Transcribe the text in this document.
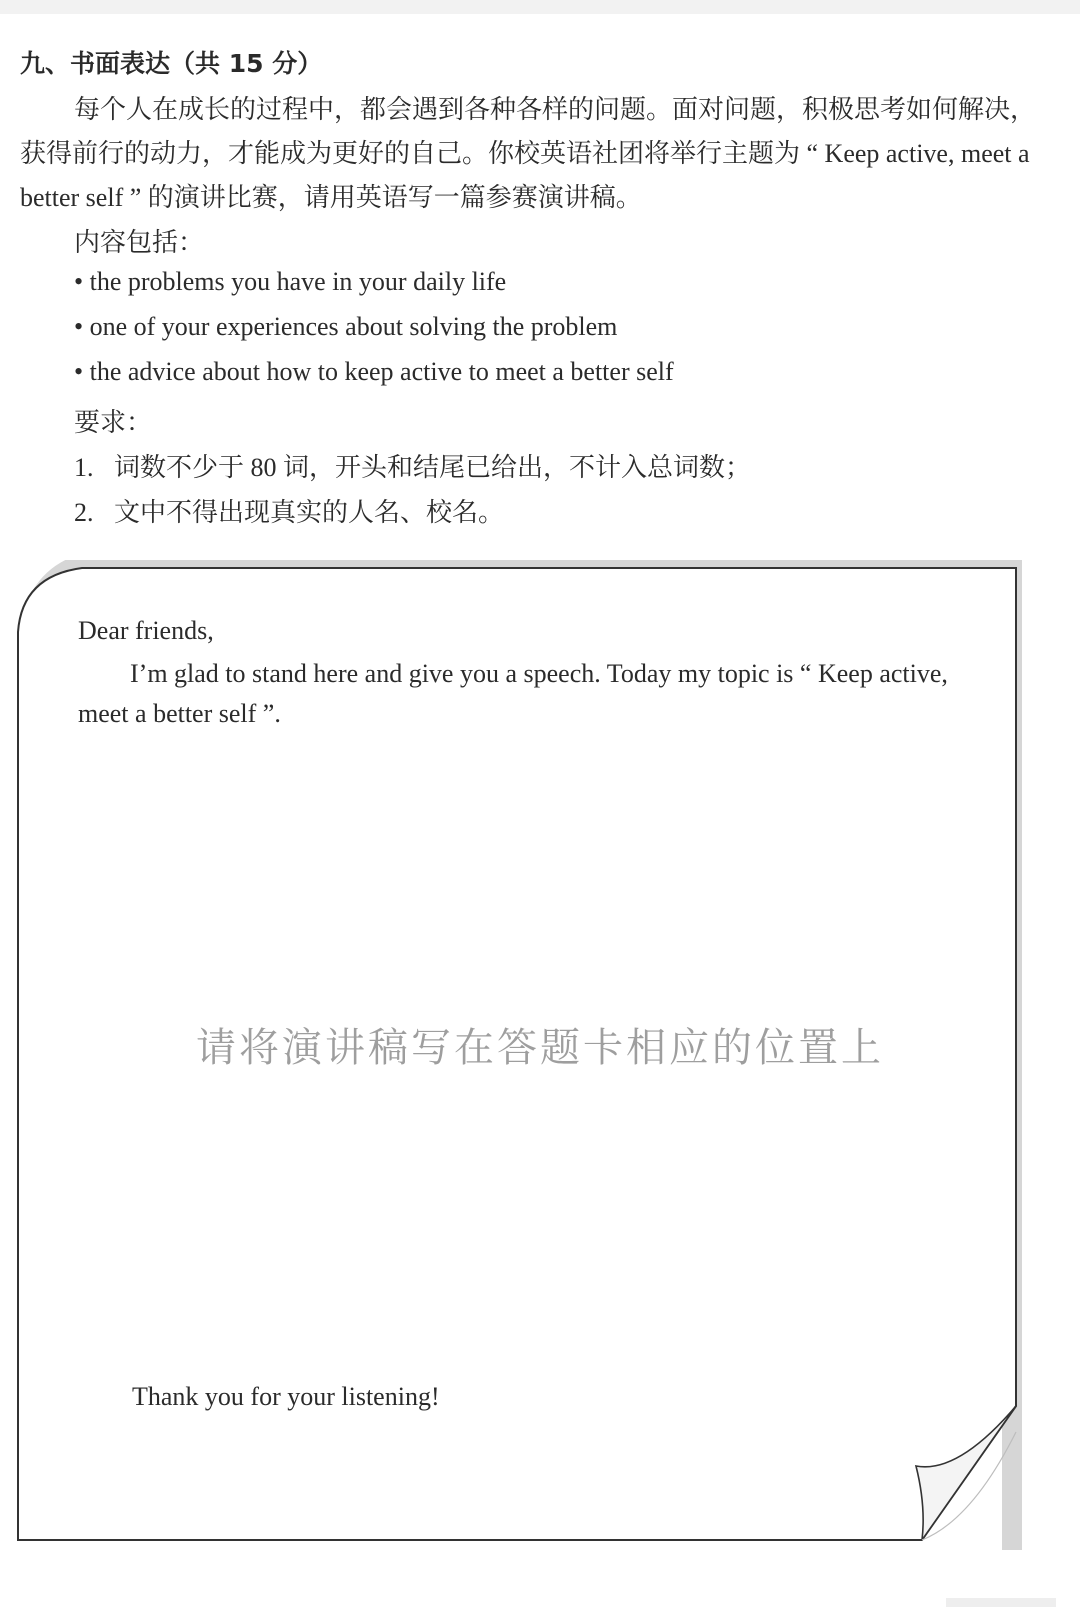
九、书面表达（共 15 分）

每个人在成长的过程中，都会遇到各种各样的问题。面对问题，积极思考如何解决，获得前行的动力，才能成为更好的自己。你校英语社团将举行主题为 “ Keep active, meet a better self ” 的演讲比赛，请用英语写一篇参赛演讲稿。

内容包括：

• the problems you have in your daily life

• one of your experiences about solving the problem

• the advice about how to keep active to meet a better self

要求：

1. 词数不少于 80 词，开头和结尾已给出，不计入总词数；

2. 文中不得出现真实的人名、校名。

Dear friends,

I’m glad to stand here and give you a speech. Today my topic is “ Keep active, meet a better self ”.

请将演讲稿写在答题卡相应的位置上

Thank you for your listening!
